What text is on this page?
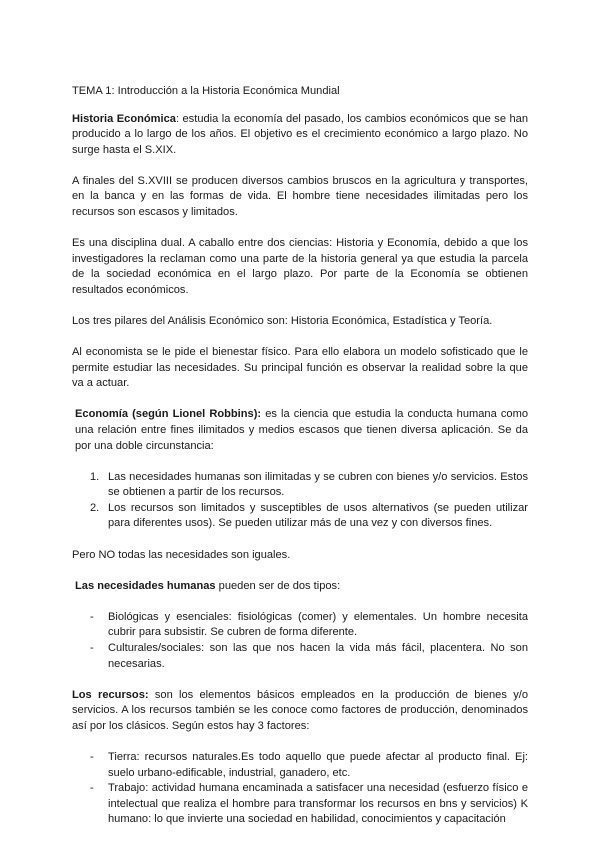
TEMA 1: Introducción a la Historia Económica Mundial

Historia Económica: estudia la economía del pasado, los cambios económicos que se han producido a lo largo de los años. El objetivo es el crecimiento económico a largo plazo. No surge hasta el S.XIX.

A finales del S.XVIII se producen diversos cambios bruscos en la agricultura y transportes, en la banca y en las formas de vida. El hombre tiene necesidades ilimitadas pero los recursos son escasos y limitados.

Es una disciplina dual. A caballo entre dos ciencias: Historia y Economía, debido a que los investigadores la reclaman como una parte de la historia general ya que estudia la parcela de la sociedad económica en el largo plazo. Por parte de la Economía se obtienen resultados económicos.

Los tres pilares del Análisis Económico son: Historia Económica, Estadística y Teoría.

Al economista se le pide el bienestar físico. Para ello elabora un modelo sofisticado que le permite estudiar las necesidades. Su principal función es observar la realidad sobre la que va a actuar.

Economía (según Lionel Robbins): es la ciencia que estudia la conducta humana como una relación entre fines ilimitados y medios escasos que tienen diversa aplicación. Se da por una doble circunstancia:

1. Las necesidades humanas son ilimitadas y se cubren con bienes y/o servicios. Estos se obtienen a partir de los recursos.
2. Los recursos son limitados y susceptibles de usos alternativos (se pueden utilizar para diferentes usos). Se pueden utilizar más de una vez y con diversos fines.

Pero NO todas las necesidades son iguales.

Las necesidades humanas pueden ser de dos tipos:

- Biológicas y esenciales: fisiológicas (comer) y elementales. Un hombre necesita cubrir para subsistir. Se cubren de forma diferente.
- Culturales/sociales: son las que nos hacen la vida más fácil, placentera. No son necesarias.

Los recursos: son los elementos básicos empleados en la producción de bienes y/o servicios. A los recursos también se les conoce como factores de producción, denominados así por los clásicos. Según estos hay 3 factores:

- Tierra: recursos naturales.Es todo aquello que puede afectar al producto final. Ej: suelo urbano-edificable, industrial, ganadero, etc.
- Trabajo: actividad humana encaminada a satisfacer una necesidad (esfuerzo físico e intelectual que realiza el hombre para transformar los recursos en bns y servicios) K humano: lo que invierte una sociedad en habilidad, conocimientos y capacitación
